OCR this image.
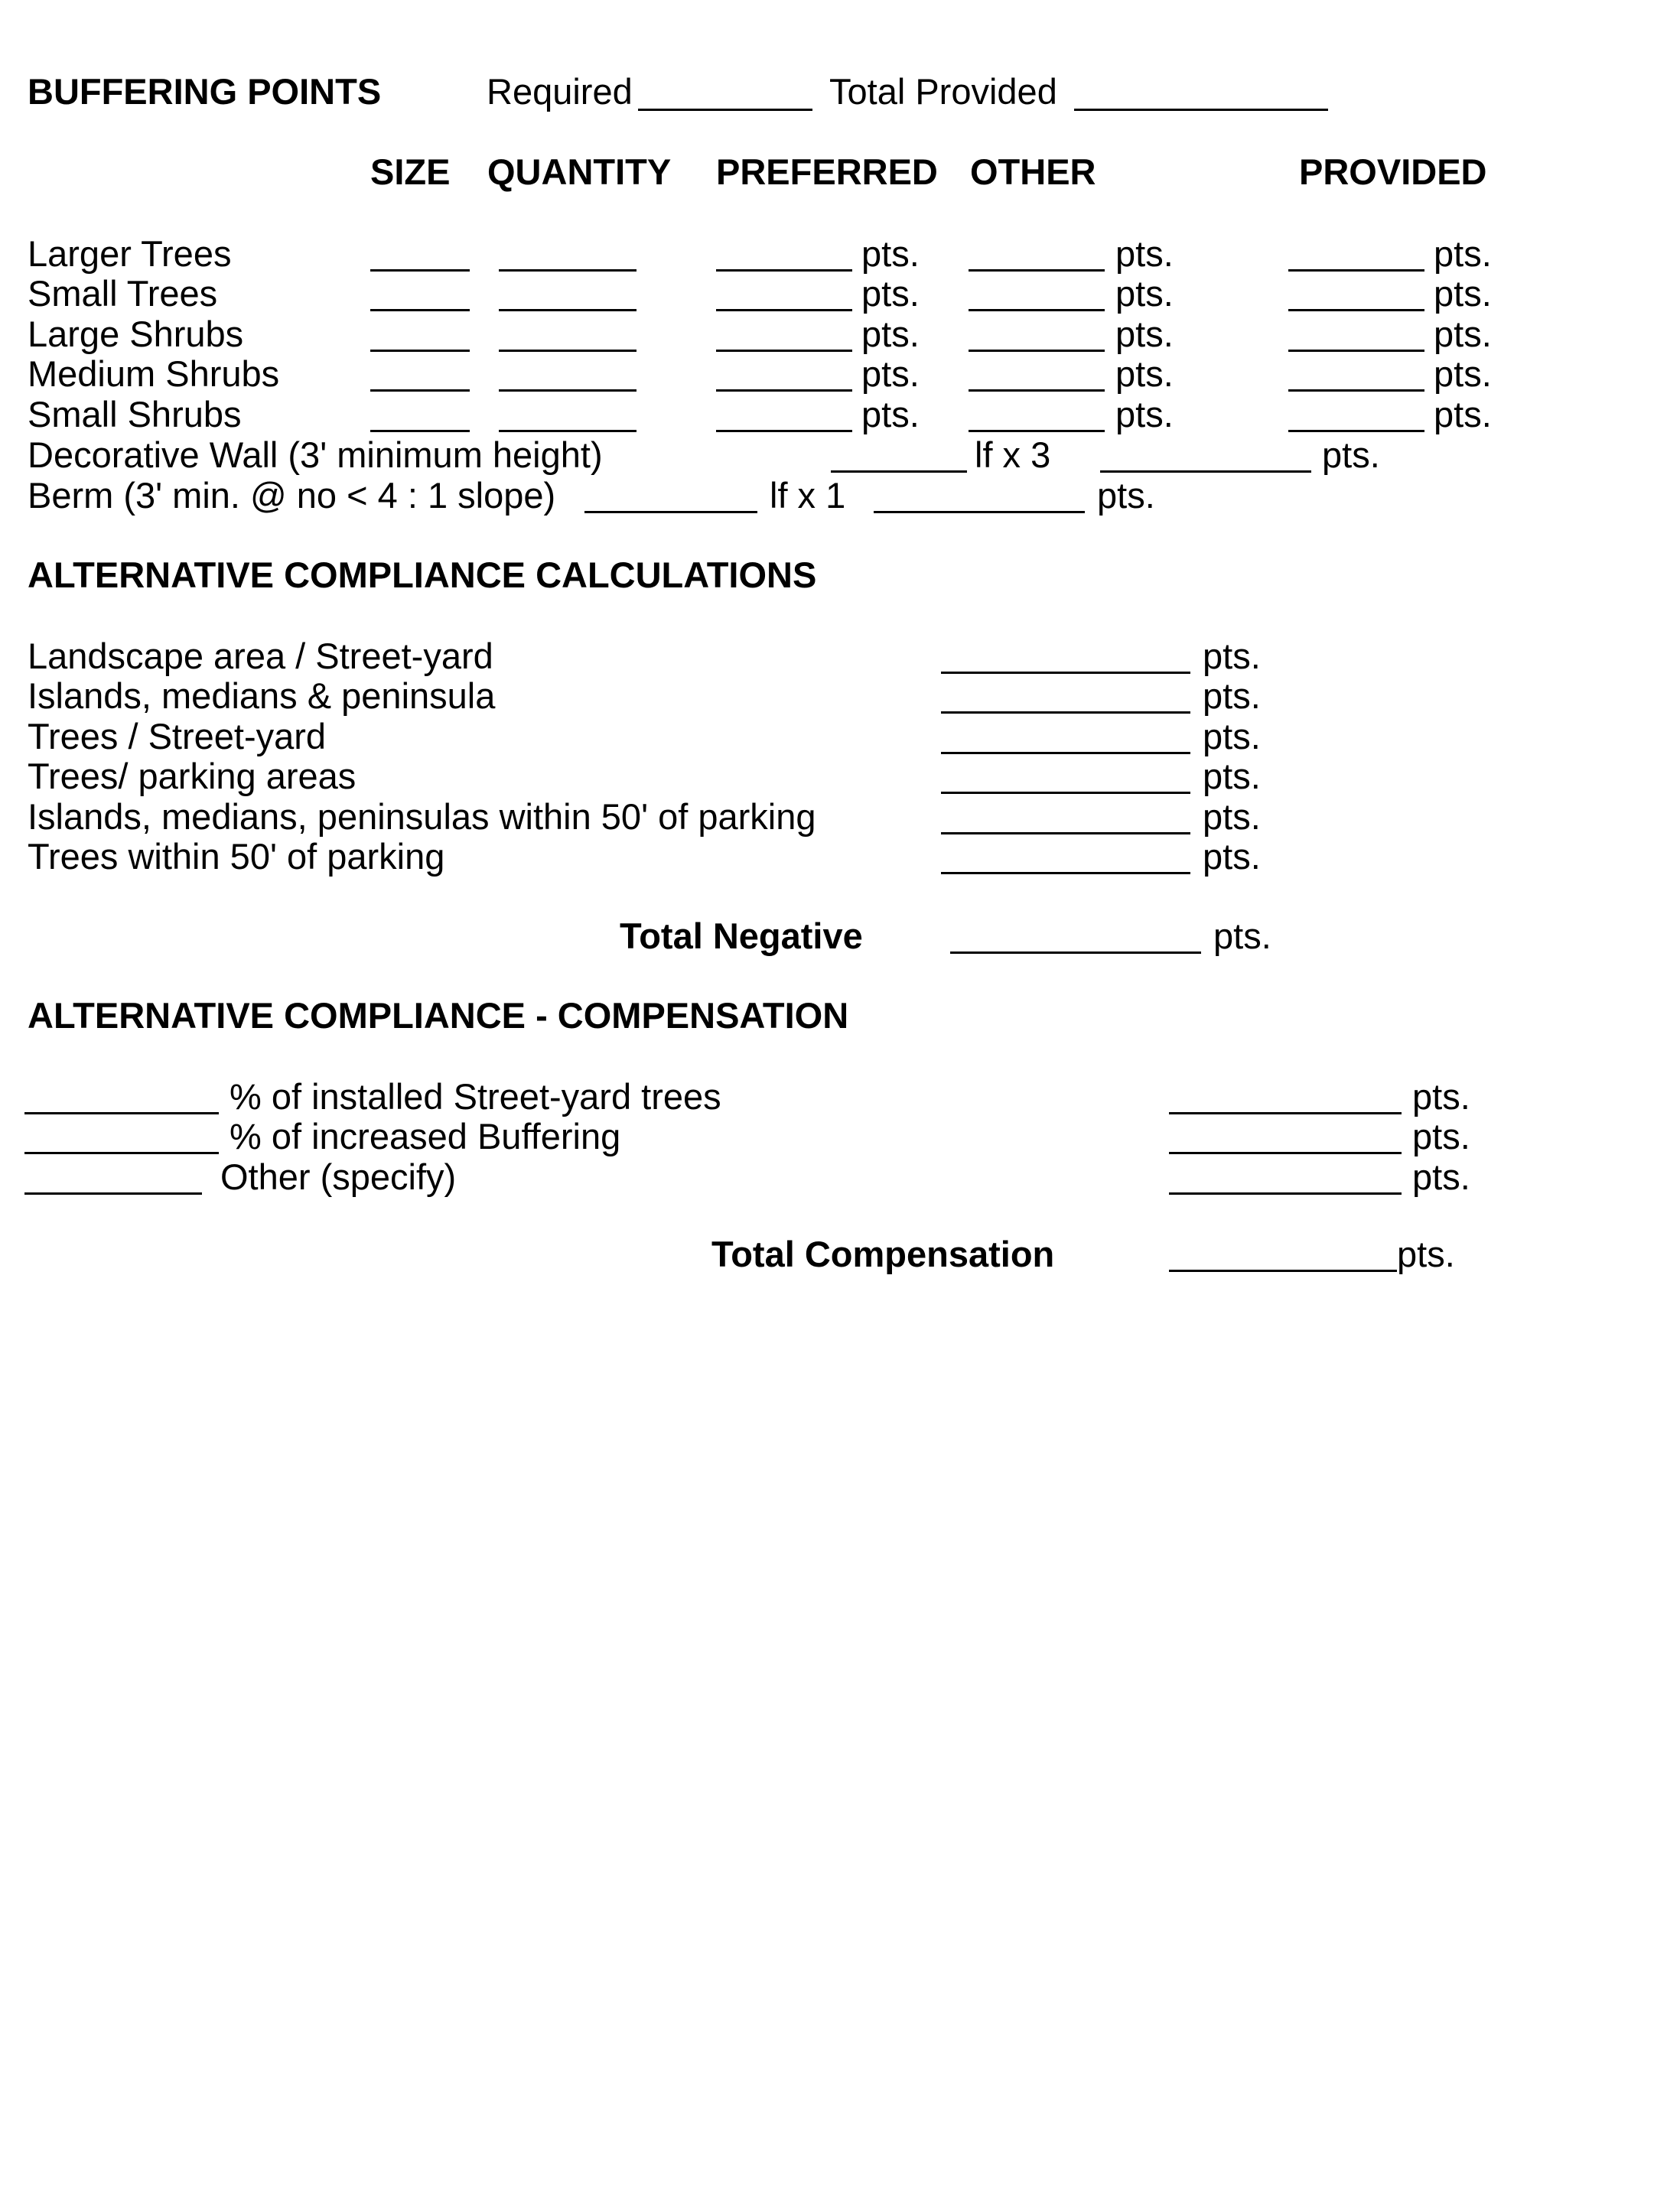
BUFFERING POINTS	Required	Total Provided
SIZE QUANTITY PREFERRED OTHER	PROVIDED
Larger Trees	pts.	pts.	pts.
Small Trees	pts.	pts.	pts.
Large Shrubs	pts.	pts.	pts.
Medium Shrubs	pts.	pts.	pts.
Small Shrubs	pts.	pts.	pts.
Decorative Wall (3' minimum height)	lf x 3	pts.
Berm (3' min. @ no < 4 : 1 slope)	lf x 1	pts.
ALTERNATIVE COMPLIANCE CALCULATIONS
Landscape area / Street-yard	pts.
Islands, medians & peninsula	pts.
Trees / Street-yard	pts.
Trees/ parking areas	pts.
Islands, medians, peninsulas within 50' of parking	pts.
Trees within 50' of parking	pts.
Total Negative	pts.
ALTERNATIVE COMPLIANCE - COMPENSATION
% of installed Street-yard trees	pts.
% of increased Buffering	pts.
Other (specify)	pts.
Total Compensation	pts.
